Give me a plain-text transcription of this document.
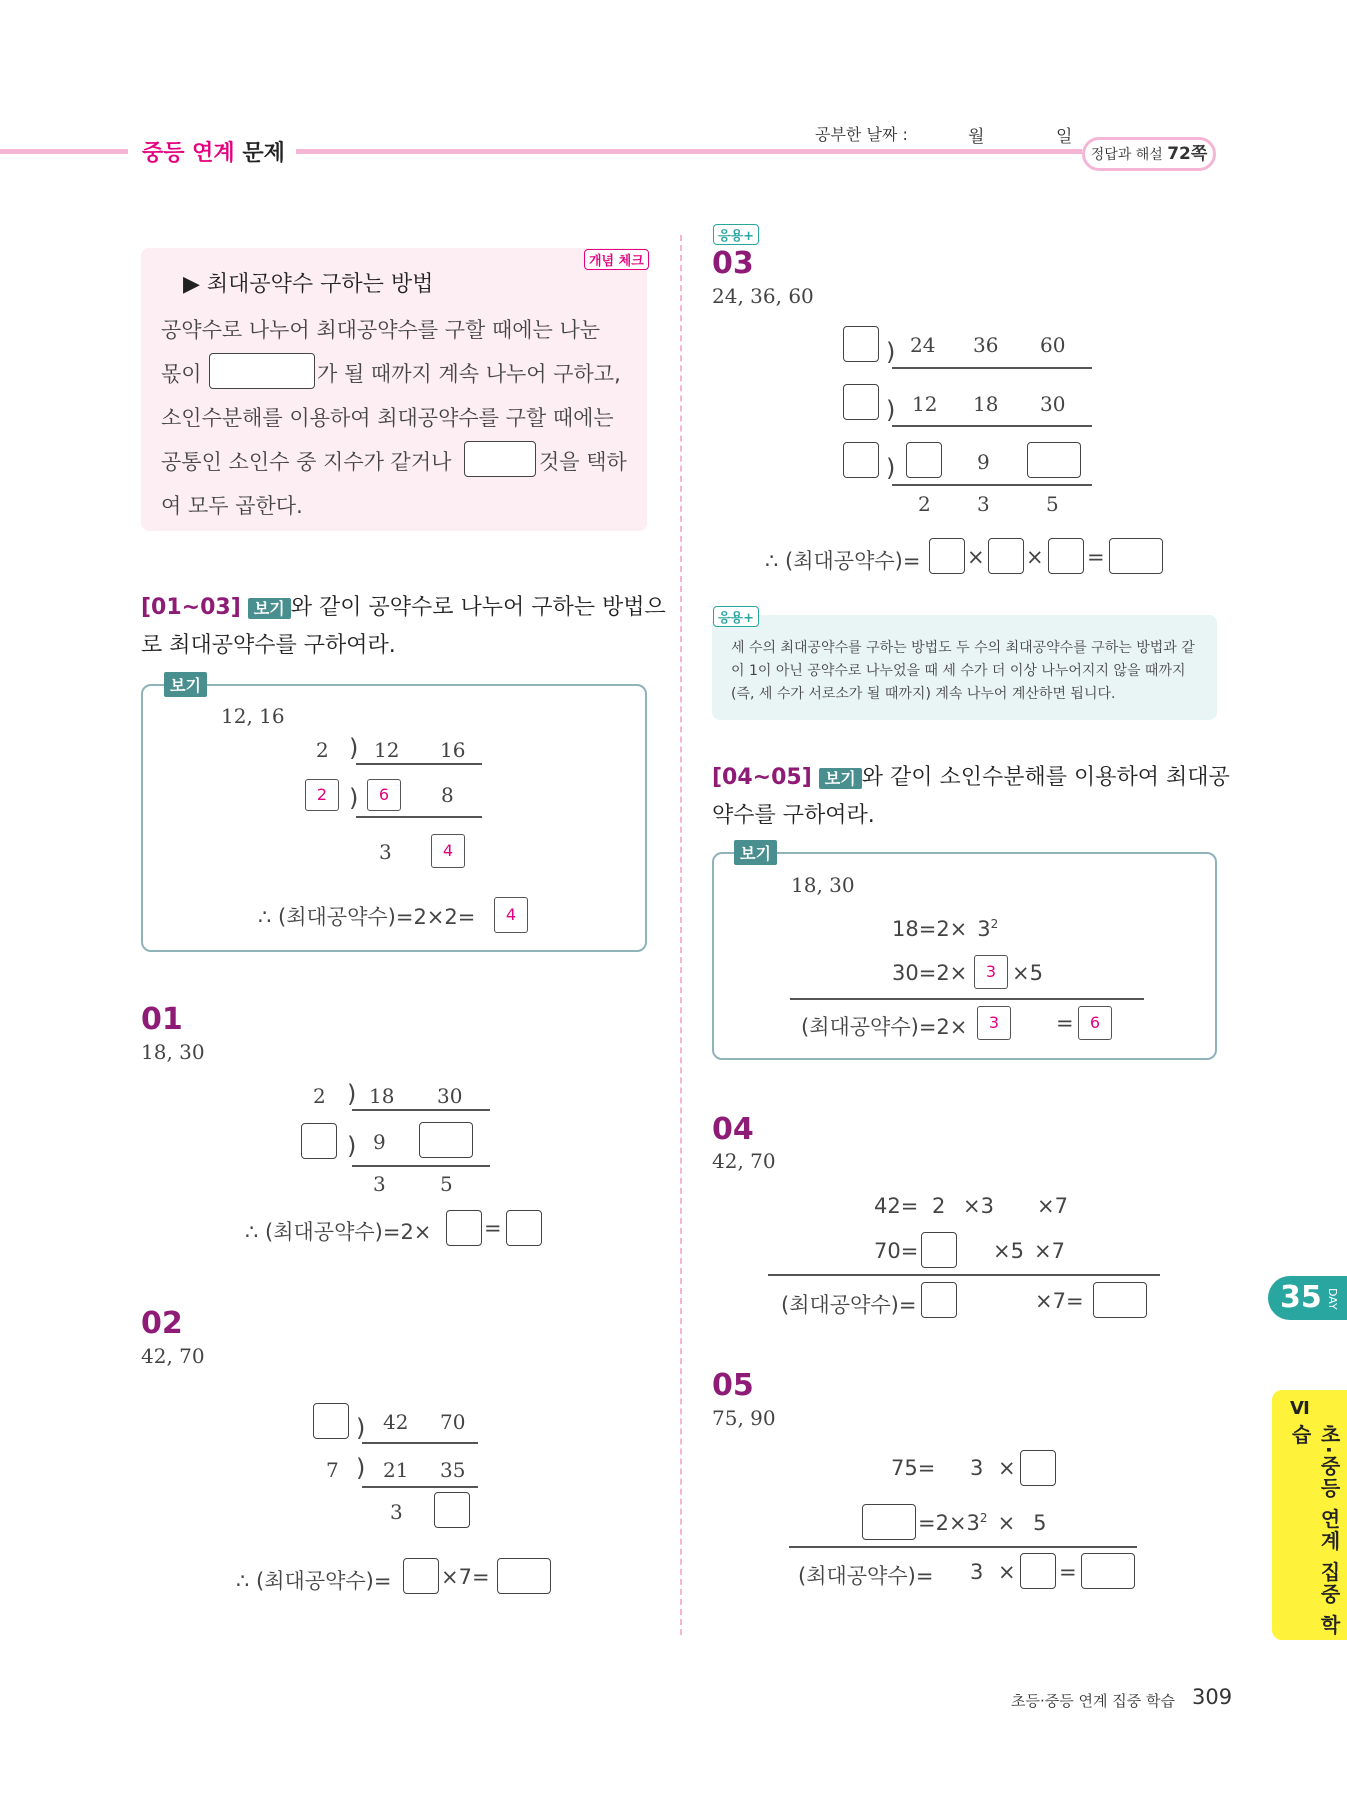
중등 연계 문제
공부한 날짜 :	월	일
정답과 해설 72쪽
개념 체크
▶ 최대공약수 구하는 방법
공약수로 나누어 최대공약수를 구할 때에는 나눈
몫이	가 될 때까지 계속 나누어 구하고,
소인수분해를 이용하여 최대공약수를 구할 때에는
공통인 소인수 중 지수가 같거나	것을 택하
여 모두 곱한다.
[01~03] 보기 와 같이 공약수로 나누어 구하는 방법으
로 최대공약수를 구하여라.
보기
12, 16
2 ) 12 16
2 )	6	8
3	4
∴ (최대공약수)=2×2=	4
01
18, 30
2 ) 18 30
) 9
3	5
∴ (최대공약수)=2×	=
02
42, 70
) 42 70
7 ) 21 35
3
∴ (최대공약수)= ×7=
응용+
03
24, 36, 60
) 24 36 60
) 12 18 30
)	9
2 3	5
∴ (최대공약수)= × × =
응용+
세 수의 최대공약수를 구하는 방법도 두 수의 최대공약수를 구하는 방법과 같
이 1이 아닌 공약수로 나누었을 때 세 수가 더 이상 나누어지지 않을 때까지
(즉, 세 수가 서로소가 될 때까지) 계속 나누어 계산하면 됩니다.
[04~05] 보기 와 같이 소인수분해를 이용하여 최대공
약수를 구하여라.
보기
18, 30
$18=2\times 3^2$
30=2×	3 ×5
(최대공약수)=2×	3	=	6
04
42, 70
42= 2 ×3 ×7
70=	×5 ×7
(최대공약수)=	×7=
05
75, 90
75= 3 ×
$=2\times 3^2 \times 5$
(최대공약수)= 3 × =
35 DAY
Ⅵ
초·중등 연계 집중 학습
초등·중등 연계 집중 학습 309
